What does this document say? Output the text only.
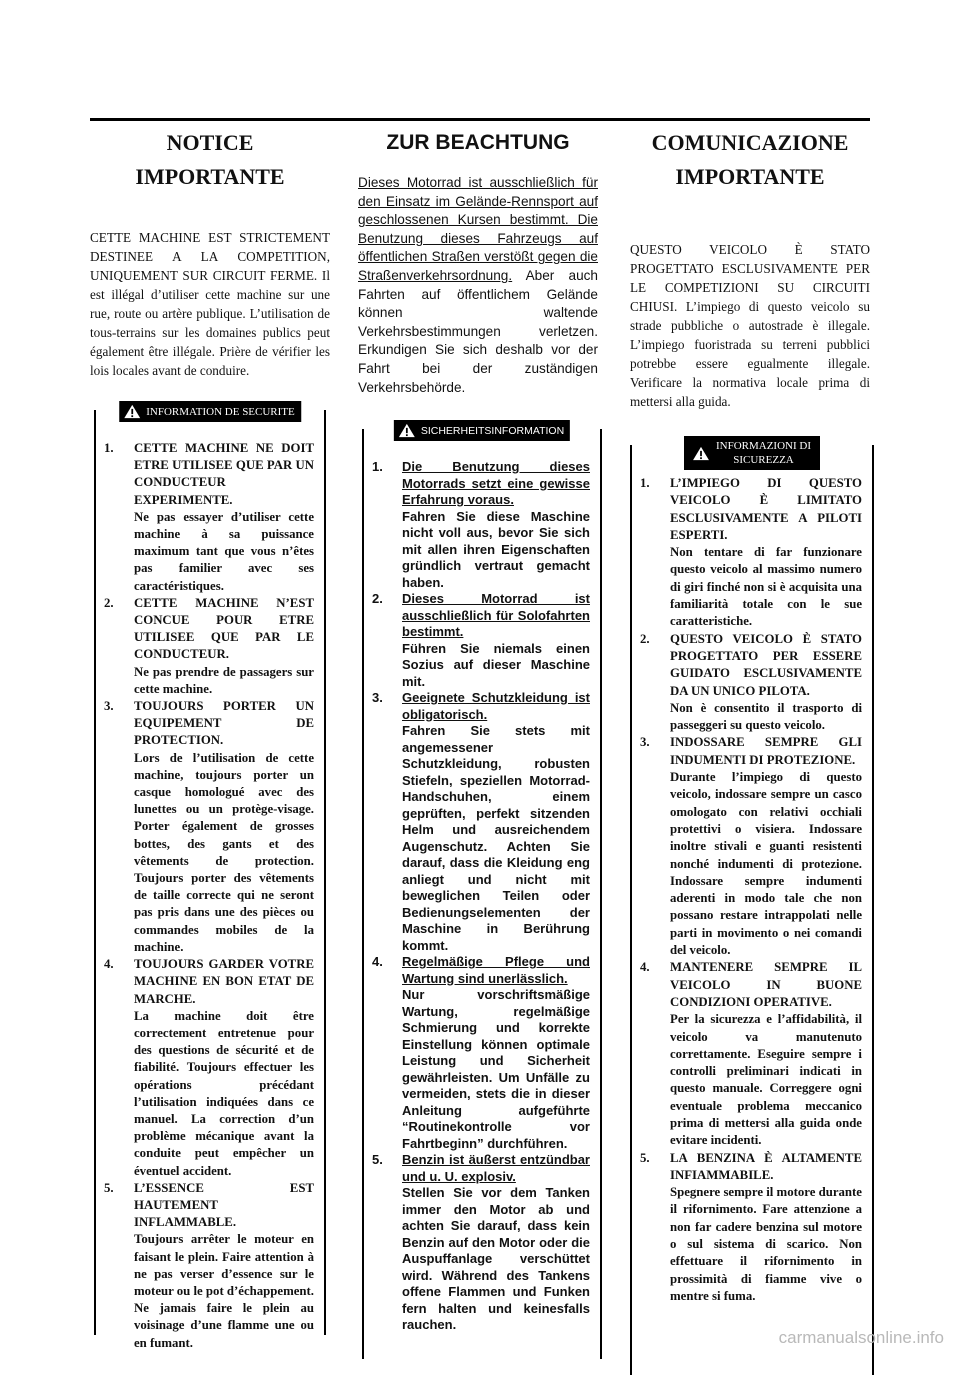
NOTICE
IMPORTANTE
CETTE MACHINE EST STRICTEMENT DESTINEE A LA COMPETITION, UNIQUEMENT SUR CIRCUIT FERME. Il est illégal d’utiliser cette machine sur une rue, route ou artère publique. L’utilisation de tous-terrains sur les domaines publics peut également être illégale. Prière de vérifier les lois locales avant de conduire.
INFORMATION DE SECURITE
1. CETTE MACHINE NE DOIT ETRE UTILISEE QUE PAR UN CONDUCTEUR EXPERIMENTE.
Ne pas essayer d’utiliser cette machine à sa puissance maximum tant que vous n’êtes pas familier avec ses caractéristiques.
2. CETTE MACHINE N’EST CONCUE POUR ETRE UTILISEE QUE PAR LE CONDUCTEUR.
Ne pas prendre de passagers sur cette machine.
3. TOUJOURS PORTER UN EQUIPEMENT DE PROTECTION.
Lors de l’utilisation de cette machine, toujours porter un casque homologué avec des lunettes ou un protège-visage. Porter également de grosses bottes, des gants et des vêtements de protection. Toujours porter des vêtements de taille correcte qui ne seront pas pris dans une des pièces ou commandes mobiles de la machine.
4. TOUJOURS GARDER VOTRE MACHINE EN BON ETAT DE MARCHE.
La machine doit être correctement entretenue pour des questions de sécurité et de fiabilité. Toujours effectuer les opérations précédant l’utilisation indiquées dans ce manuel. La correction d’un problème mécanique avant la conduite peut empêcher un éventuel accident.
5. L’ESSENCE EST HAUTEMENT INFLAMMABLE.
Toujours arrêter le moteur en faisant le plein. Faire attention à ne pas verser d’essence sur le moteur ou le pot d’échappement. Ne jamais faire le plein au voisinage d’une flamme une ou en fumant.
ZUR BEACHTUNG
Dieses Motorrad ist ausschließlich für den Einsatz im Gelände-Rennsport auf geschlossenen Kursen bestimmt. Die Benutzung dieses Fahrzeugs auf öffentlichen Straßen verstößt gegen die Straßenverkehrsordnung. Aber auch Fahrten auf öffentlichem Gelände können waltende Verkehrsbestimmungen verletzen. Erkundigen Sie sich deshalb vor der Fahrt bei der zuständigen Verkehrsbehörde.
SICHERHEITSINFORMATION
1. Die Benutzung dieses Motorrads setzt eine gewisse Erfahrung voraus.
Fahren Sie diese Maschine nicht voll aus, bevor Sie sich mit allen ihren Eigenschaften gründlich vertraut gemacht haben.
2. Dieses Motorrad ist ausschließlich für Solofahrten bestimmt.
Führen Sie niemals einen Sozius auf dieser Maschine mit.
3. Geeignete Schutzkleidung ist obligatorisch.
Fahren Sie stets mit angemessener Schutzkleidung, robusten Stiefeln, speziellen Motorrad-Handschuhen, einem geprüften, perfekt sitzenden Helm und ausreichendem Augenschutz. Achten Sie darauf, dass die Kleidung eng anliegt und nicht mit beweglichen Teilen oder Bedienungselementen der Maschine in Berührung kommt.
4. Regelmäßige Pflege und Wartung sind unerlässlich.
Nur vorschriftsmäßige Wartung, regelmäßige Schmierung und korrekte Einstellung können optimale Leistung und Sicherheit gewährleisten. Um Unfälle zu vermeiden, stets die in dieser Anleitung aufgeführte “Routinekontrolle vor Fahrtbeginn” durchführen.
5. Benzin ist äußerst entzündbar und u. U. explosiv.
Stellen Sie vor dem Tanken immer den Motor ab und achten Sie darauf, dass kein Benzin auf den Motor oder die Auspuffanlage verschüttet wird. Während des Tankens offene Flammen und Funken fern halten und keinesfalls rauchen.
COMUNICAZIONE
IMPORTANTE
QUESTO VEICOLO È STATO PROGETTATO ESCLUSIVAMENTE PER LE COMPETIZIONI SU CIRCUITI CHIUSI. L’impiego di questo veicolo su strade pubbliche o autostrade è illegale. L’impiego fuoristrada su terreni pubblici potrebbe essere egualmente illegale. Verificare la normativa locale prima di mettersi alla guida.
INFORMAZIONI DI SICUREZZA
1. L’IMPIEGO DI QUESTO VEICOLO È LIMITATO ESCLUSIVAMENTE A PILOTI ESPERTI.
Non tentare di far funzionare questo veicolo al massimo numero di giri finché non si è acquisita una familiarità totale con le sue caratteristiche.
2. QUESTO VEICOLO È STATO PROGETTATO PER ESSERE GUIDATO ESCLUSIVAMENTE DA UN UNICO PILOTA.
Non è consentito il trasporto di passeggeri su questo veicolo.
3. INDOSSARE SEMPRE GLI INDUMENTI DI PROTEZIONE.
Durante l’impiego di questo veicolo, indossare sempre un casco omologato con relativi occhiali protettivi o visiera. Indossare inoltre stivali e guanti resistenti nonché indumenti di protezione. Indossare sempre indumenti aderenti in modo tale che non possano restare intrappolati nelle parti in movimento o nei comandi del veicolo.
4. MANTENERE SEMPRE IL VEICOLO IN BUONE CONDIZIONI OPERATIVE.
Per la sicurezza e l’affidabilità, il veicolo va manutenuto correttamente. Eseguire sempre i controlli preliminari indicati in questo manuale. Correggere ogni eventuale problema meccanico prima di mettersi alla guida onde evitare incidenti.
5. LA BENZINA È ALTAMENTE INFIAMMABILE.
Spegnere sempre il motore durante il rifornimento. Fare attenzione a non far cadere benzina sul motore o sul sistema di scarico. Non effettuare il rifornimento in prossimità di fiamme vive o mentre si fuma.
carmanualsonline.info
